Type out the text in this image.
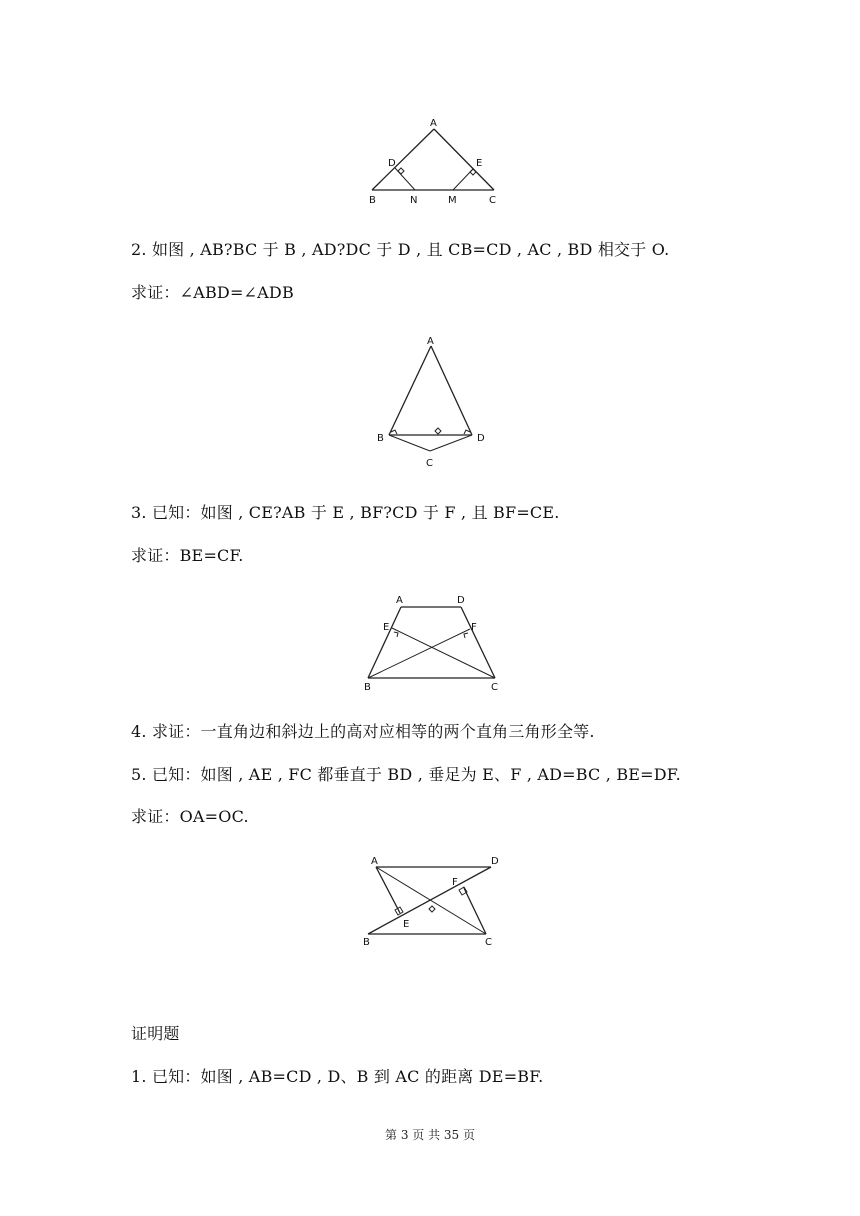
A
D	E
B	N	M	C
2. 如图 , AB?BC 于 B , AD?DC 于 D , 且 CB=CD , AC , BD 相交于 O.
求证：∠ABD=∠ADB
A
B	D
C
3. 已知：如图 , CE?AB 于 E , BF?CD 于 F , 且 BF=CE.
求证：BE=CF.
A	D
E	F
B	C
4. 求证：一直角边和斜边上的高对应相等的两个直角三角形全等.
5. 已知：如图 , AE , FC 都垂直于 BD , 垂足为 E、F , AD=BC , BE=DF.
求证：OA=OC.
A	D
F
E
B	C
证明题
1. 已知：如图 , AB=CD , D、B 到 AC 的距离 DE=BF.
第 3 页 共 35 页
